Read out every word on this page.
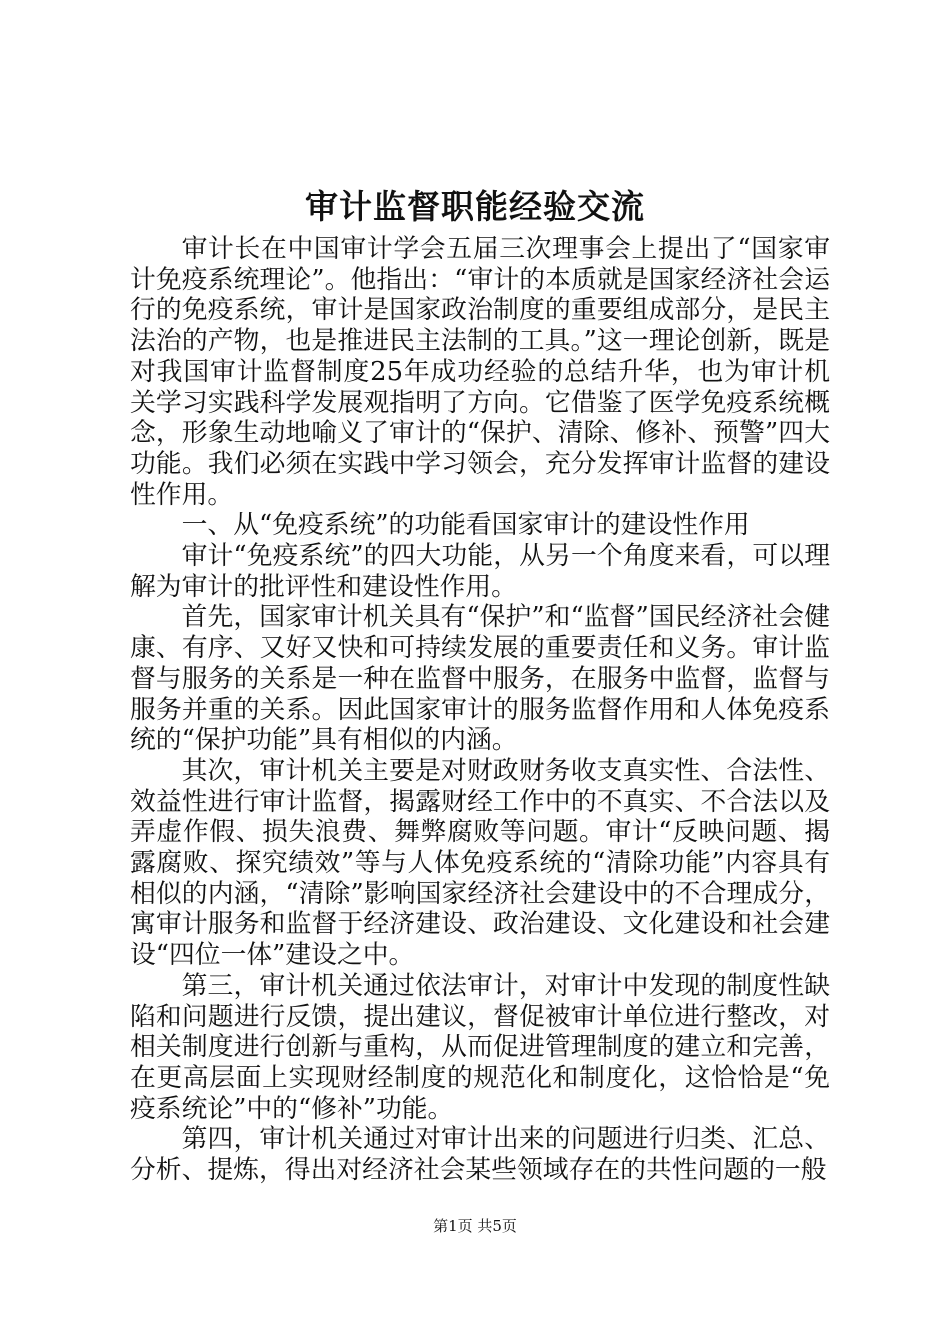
审计监督职能经验交流

审计长在中国审计学会五届三次理事会上提出了“国家审计免疫系统理论”。他指出：“审计的本质就是国家经济社会运行的免疫系统，审计是国家政治制度的重要组成部分，是民主法治的产物，也是推进民主法制的工具。”这一理论创新，既是对我国审计监督制度25年成功经验的总结升华，也为审计机关学习实践科学发展观指明了方向。它借鉴了医学免疫系统概念，形象生动地喻义了审计的“保护、清除、修补、预警”四大功能。我们必须在实践中学习领会，充分发挥审计监督的建设性作用。

一、从“免疫系统”的功能看国家审计的建设性作用

审计“免疫系统”的四大功能，从另一个角度来看，可以理解为审计的批评性和建设性作用。

首先，国家审计机关具有“保护”和“监督”国民经济社会健康、有序、又好又快和可持续发展的重要责任和义务。审计监督与服务的关系是一种在监督中服务，在服务中监督，监督与服务并重的关系。因此国家审计的服务监督作用和人体免疫系统的“保护功能”具有相似的内涵。

其次，审计机关主要是对财政财务收支真实性、合法性、效益性进行审计监督，揭露财经工作中的不真实、不合法以及弄虚作假、损失浪费、舞弊腐败等问题。审计“反映问题、揭露腐败、探究绩效”等与人体免疫系统的“清除功能”内容具有相似的内涵，“清除”影响国家经济社会建设中的不合理成分，寓审计服务和监督于经济建设、政治建设、文化建设和社会建设“四位一体”建设之中。

第三，审计机关通过依法审计，对审计中发现的制度性缺陷和问题进行反馈，提出建议，督促被审计单位进行整改，对相关制度进行创新与重构，从而促进管理制度的建立和完善，在更高层面上实现财经制度的规范化和制度化，这恰恰是“免疫系统论”中的“修补”功能。

第四，审计机关通过对审计出来的问题进行归类、汇总、分析、提炼，得出对经济社会某些领域存在的共性问题的一般

第1页 共5页
